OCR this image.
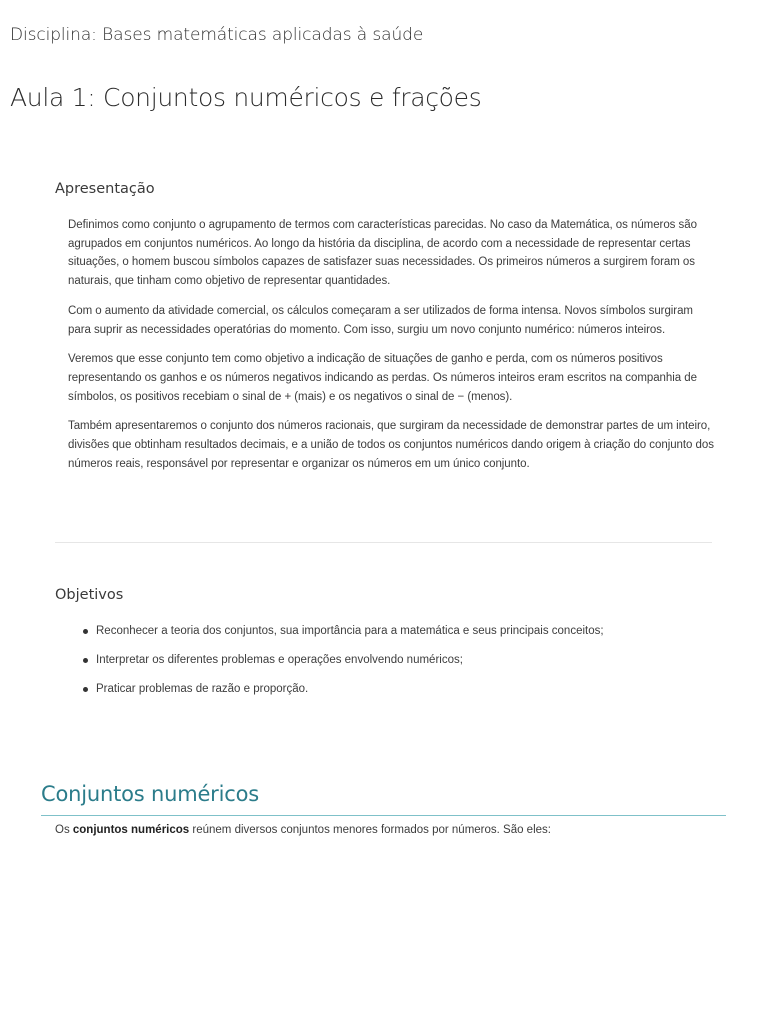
Disciplina: Bases matemáticas aplicadas à saúde
Aula 1: Conjuntos numéricos e frações
Apresentação

Definimos como conjunto o agrupamento de termos com características parecidas. No caso da Matemática, os números são agrupados em conjuntos numéricos. Ao longo da história da disciplina, de acordo com a necessidade de representar certas situações, o homem buscou símbolos capazes de satisfazer suas necessidades. Os primeiros números a surgirem foram os naturais, que tinham como objetivo de representar quantidades.

Com o aumento da atividade comercial, os cálculos começaram a ser utilizados de forma intensa. Novos símbolos surgiram para suprir as necessidades operatórias do momento. Com isso, surgiu um novo conjunto numérico: números inteiros.

Veremos que esse conjunto tem como objetivo a indicação de situações de ganho e perda, com os números positivos representando os ganhos e os números negativos indicando as perdas. Os números inteiros eram escritos na companhia de símbolos, os positivos recebiam o sinal de + (mais) e os negativos o sinal de − (menos).

Também apresentaremos o conjunto dos números racionais, que surgiram da necessidade de demonstrar partes de um inteiro, divisões que obtinham resultados decimais, e a união de todos os conjuntos numéricos dando origem à criação do conjunto dos números reais, responsável por representar e organizar os números em um único conjunto.

Objetivos
Reconhecer a teoria dos conjuntos, sua importância para a matemática e seus principais conceitos;
Interpretar os diferentes problemas e operações envolvendo numéricos;
Praticar problemas de razão e proporção.
Conjuntos numéricos
Os conjuntos numéricos reúnem diversos conjuntos menores formados por números. São eles:
